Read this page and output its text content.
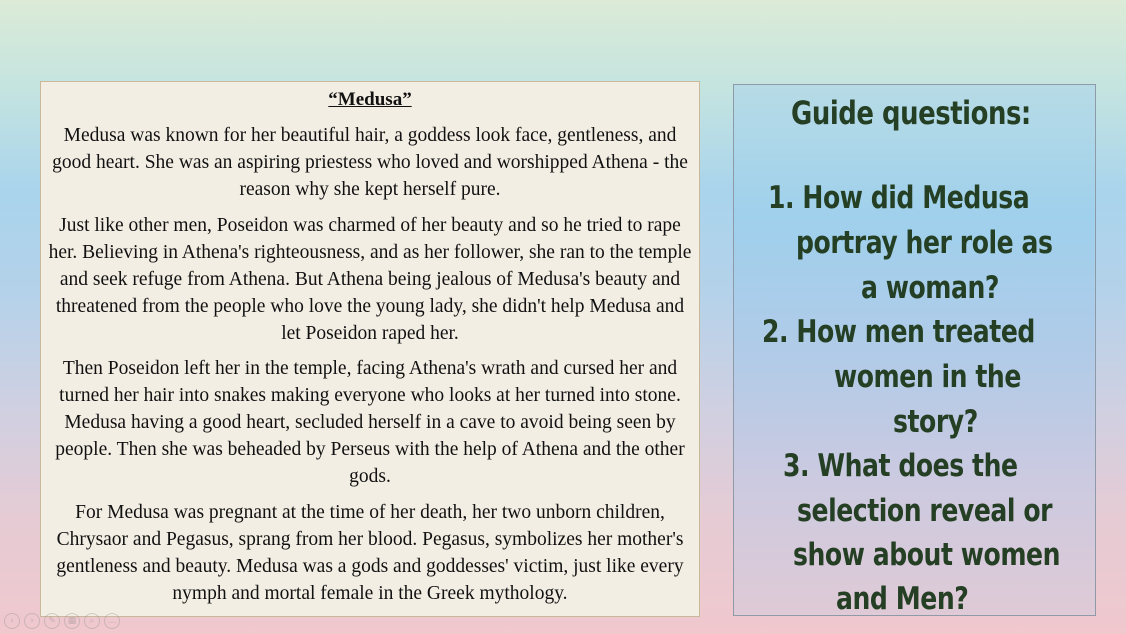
“Medusa”

Medusa was known for her beautiful hair, a goddess look face, gentleness, and good heart. She was an aspiring priestess who loved and worshipped Athena - the reason why she kept herself pure.

Just like other men, Poseidon was charmed of her beauty and so he tried to rape her. Believing in Athena's righteousness, and as her follower, she ran to the temple and seek refuge from Athena. But Athena being jealous of Medusa's beauty and threatened from the people who love the young lady, she didn't help Medusa and let Poseidon raped her.

Then Poseidon left her in the temple, facing Athena's wrath and cursed her and turned her hair into snakes making everyone who looks at her turned into stone. Medusa having a good heart, secluded herself in a cave to avoid being seen by people. Then she was beheaded by Perseus with the help of Athena and the other gods.

For Medusa was pregnant at the time of her death, her two unborn children, Chrysaor and Pegasus, sprang from her blood. Pegasus, symbolizes her mother's gentleness and beauty. Medusa was a gods and goddesses' victim, just like every nymph and mortal female in the Greek mythology.

Guide questions:
1. How did Medusa
portray her role as
a woman?
2. How men treated
women in the
story?
3. What does the
selection reveal or
show about women
and Men?
‹	›	✎	▦	⌕	…
